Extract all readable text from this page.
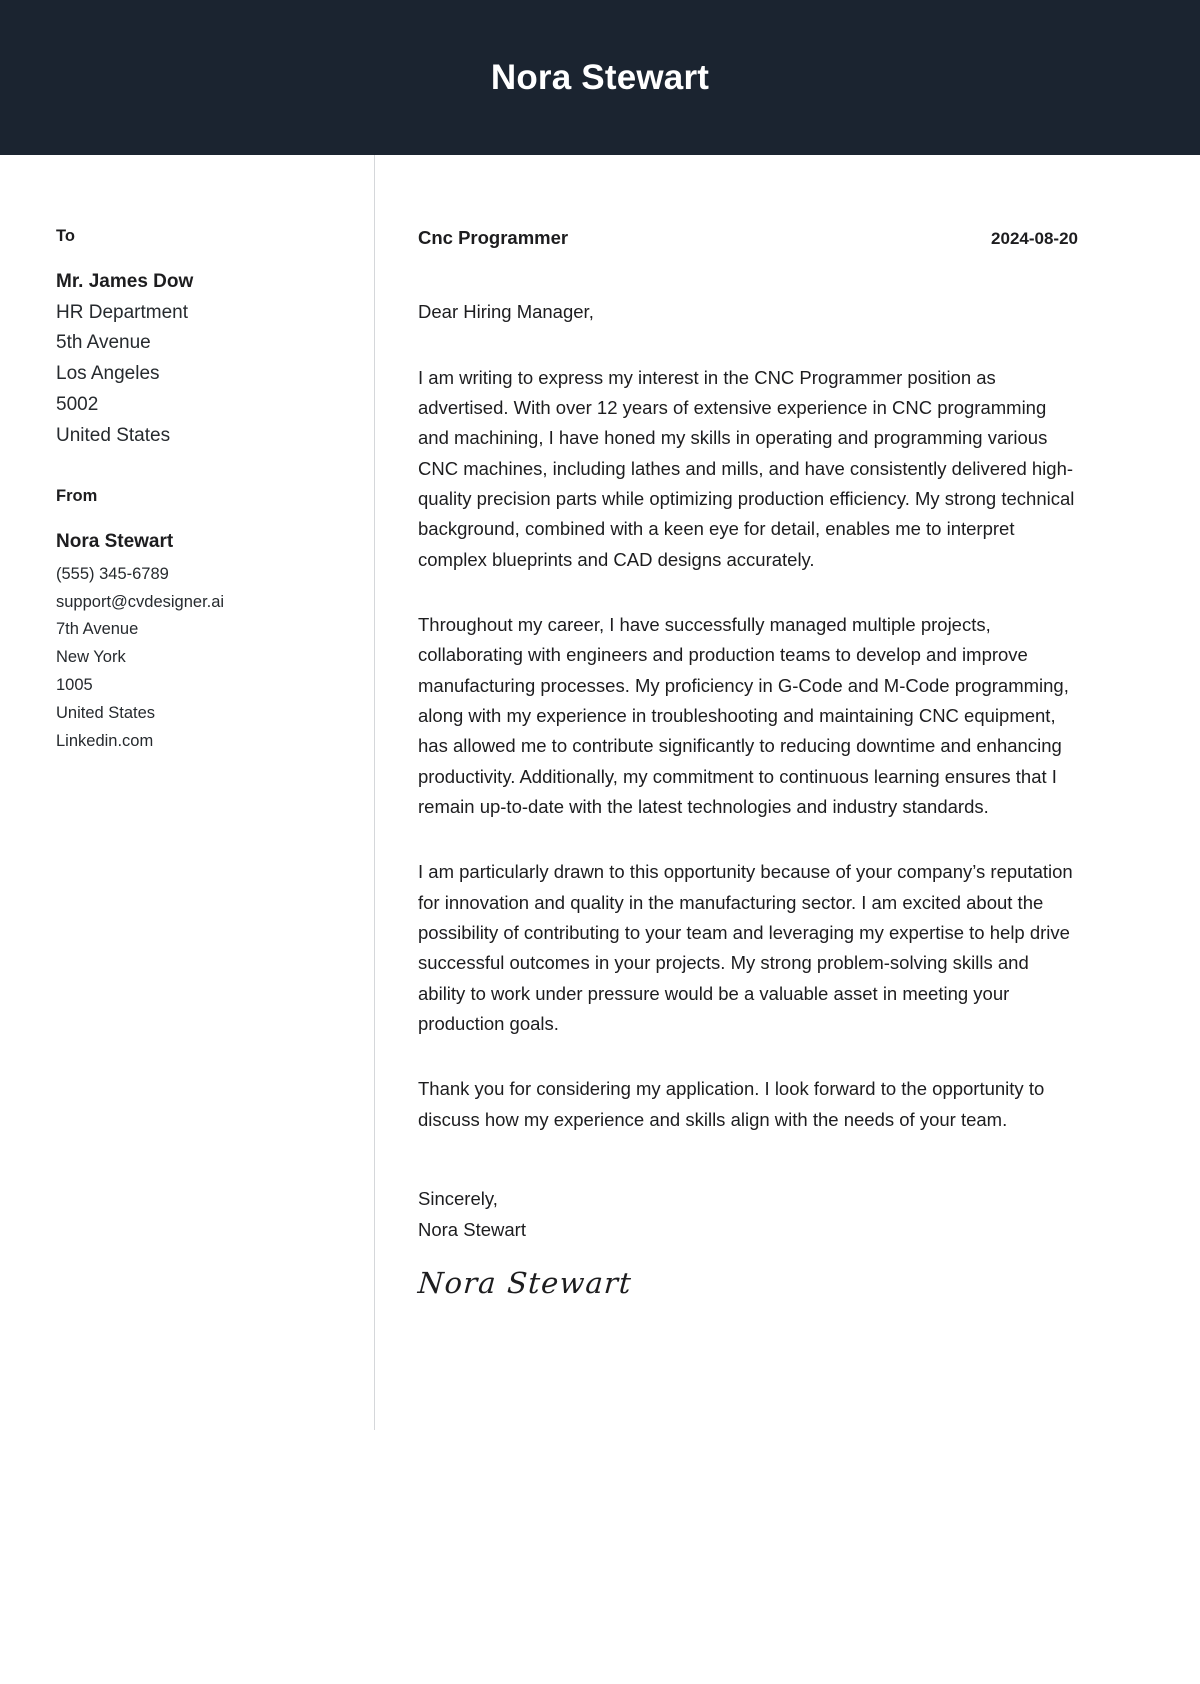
Nora Stewart
To
Mr. James Dow
HR Department
5th Avenue
Los Angeles
5002
United States
From
Nora Stewart
(555) 345-6789
support@cvdesigner.ai
7th Avenue
New York
1005
United States
Linkedin.com
Cnc Programmer	2024-08-20

Dear Hiring Manager,

I am writing to express my interest in the CNC Programmer position as advertised. With over 12 years of extensive experience in CNC programming and machining, I have honed my skills in operating and programming various CNC machines, including lathes and mills, and have consistently delivered high-quality precision parts while optimizing production efficiency. My strong technical background, combined with a keen eye for detail, enables me to interpret complex blueprints and CAD designs accurately.

Throughout my career, I have successfully managed multiple projects, collaborating with engineers and production teams to develop and improve manufacturing processes. My proficiency in G-Code and M-Code programming, along with my experience in troubleshooting and maintaining CNC equipment, has allowed me to contribute significantly to reducing downtime and enhancing productivity. Additionally, my commitment to continuous learning ensures that I remain up-to-date with the latest technologies and industry standards.

I am particularly drawn to this opportunity because of your company’s reputation for innovation and quality in the manufacturing sector. I am excited about the possibility of contributing to your team and leveraging my expertise to help drive successful outcomes in your projects. My strong problem-solving skills and ability to work under pressure would be a valuable asset in meeting your production goals.

Thank you for considering my application. I look forward to the opportunity to discuss how my experience and skills align with the needs of your team.

Sincerely,
Nora Stewart
Nora Stewart
